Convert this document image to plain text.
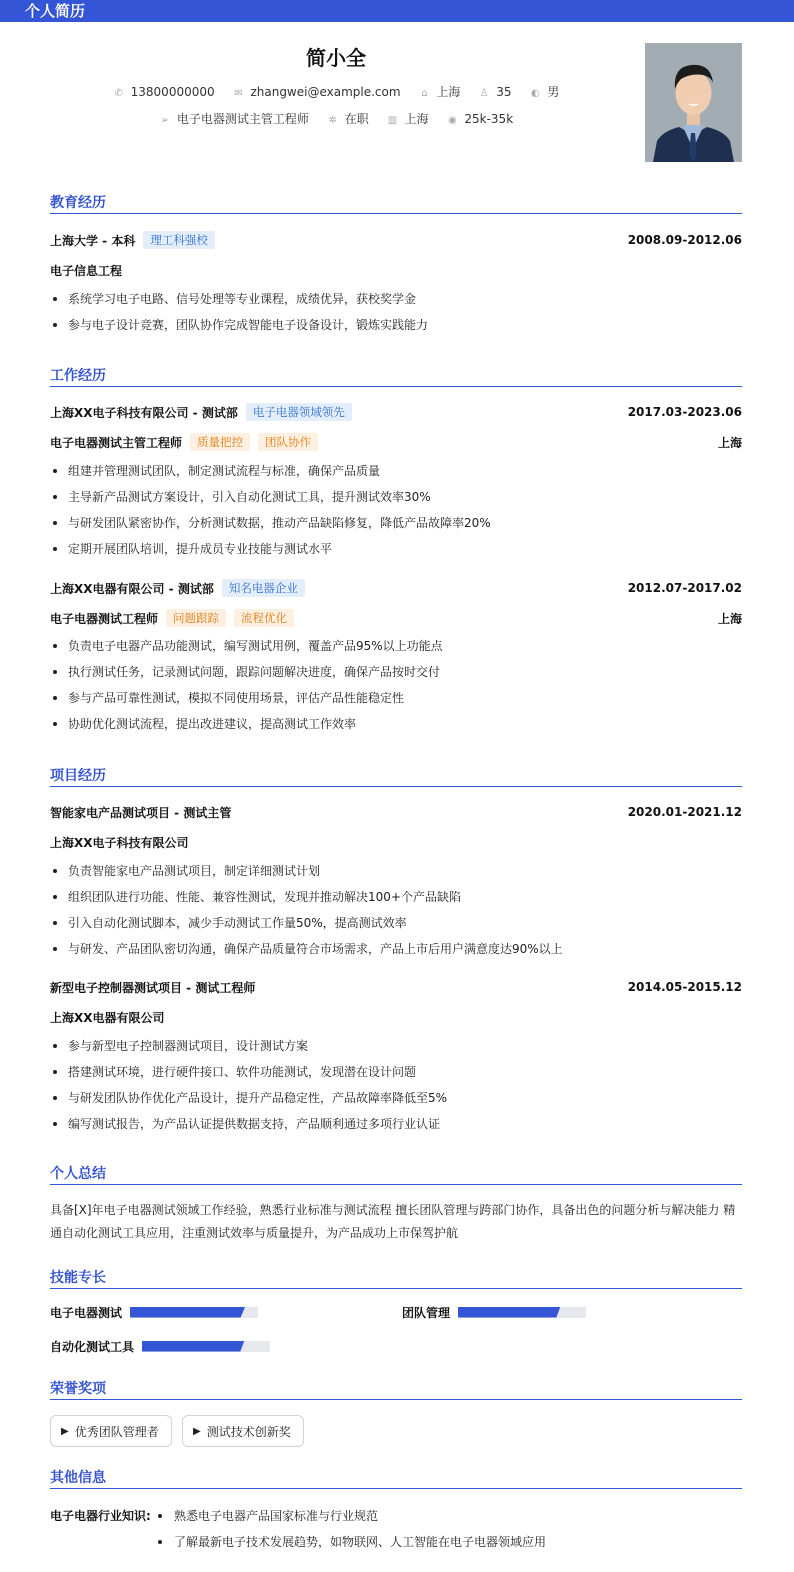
个人简历
简小全
✆ 13800000000 ✉ zhangwei@example.com ⌂ 上海 ♙ 35 ◐ 男
➢ 电子电器测试主管工程师 ✲ 在职 ▥ 上海 ◉ 25k-35k
教育经历
上海大学 - 本科	理工科强校	2008.09-2012.06
电子信息工程
系统学习电子电路、信号处理等专业课程，成绩优异，获校奖学金
参与电子设计竞赛，团队协作完成智能电子设备设计，锻炼实践能力
工作经历
上海XX电子科技有限公司 - 测试部	电子电器领域领先	2017.03-2023.06
电子电器测试主管工程师	质量把控	团队协作	上海
组建并管理测试团队，制定测试流程与标准，确保产品质量
主导新产品测试方案设计，引入自动化测试工具，提升测试效率30%
与研发团队紧密协作，分析测试数据，推动产品缺陷修复，降低产品故障率20%
定期开展团队培训，提升成员专业技能与测试水平
上海XX电器有限公司 - 测试部	知名电器企业	2012.07-2017.02
电子电器测试工程师	问题跟踪	流程优化	上海
负责电子电器产品功能测试，编写测试用例，覆盖产品95%以上功能点
执行测试任务，记录测试问题，跟踪问题解决进度，确保产品按时交付
参与产品可靠性测试，模拟不同使用场景，评估产品性能稳定性
协助优化测试流程，提出改进建议，提高测试工作效率
项目经历
智能家电产品测试项目 - 测试主管	2020.01-2021.12
上海XX电子科技有限公司
负责智能家电产品测试项目，制定详细测试计划
组织团队进行功能、性能、兼容性测试，发现并推动解决100+个产品缺陷
引入自动化测试脚本，减少手动测试工作量50%，提高测试效率
与研发、产品团队密切沟通，确保产品质量符合市场需求，产品上市后用户满意度达90%以上
新型电子控制器测试项目 - 测试工程师	2014.05-2015.12
上海XX电器有限公司
参与新型电子控制器测试项目，设计测试方案
搭建测试环境，进行硬件接口、软件功能测试，发现潜在设计问题
与研发团队协作优化产品设计，提升产品稳定性，产品故障率降低至5%
编写测试报告，为产品认证提供数据支持，产品顺利通过多项行业认证
个人总结
具备[X]年电子电器测试领域工作经验，熟悉行业标准与测试流程 擅长团队管理与跨部门协作，具备出色的问题分析与解决能力 精通自动化测试工具应用，注重测试效率与质量提升，为产品成功上市保驾护航
技能专长
电子电器测试	团队管理
自动化测试工具
荣誉奖项
▶ 优秀团队管理者	▶ 测试技术创新奖
其他信息
电子电器行业知识:	熟悉电子电器产品国家标准与行业规范
了解最新电子技术发展趋势，如物联网、人工智能在电子电器领域应用
